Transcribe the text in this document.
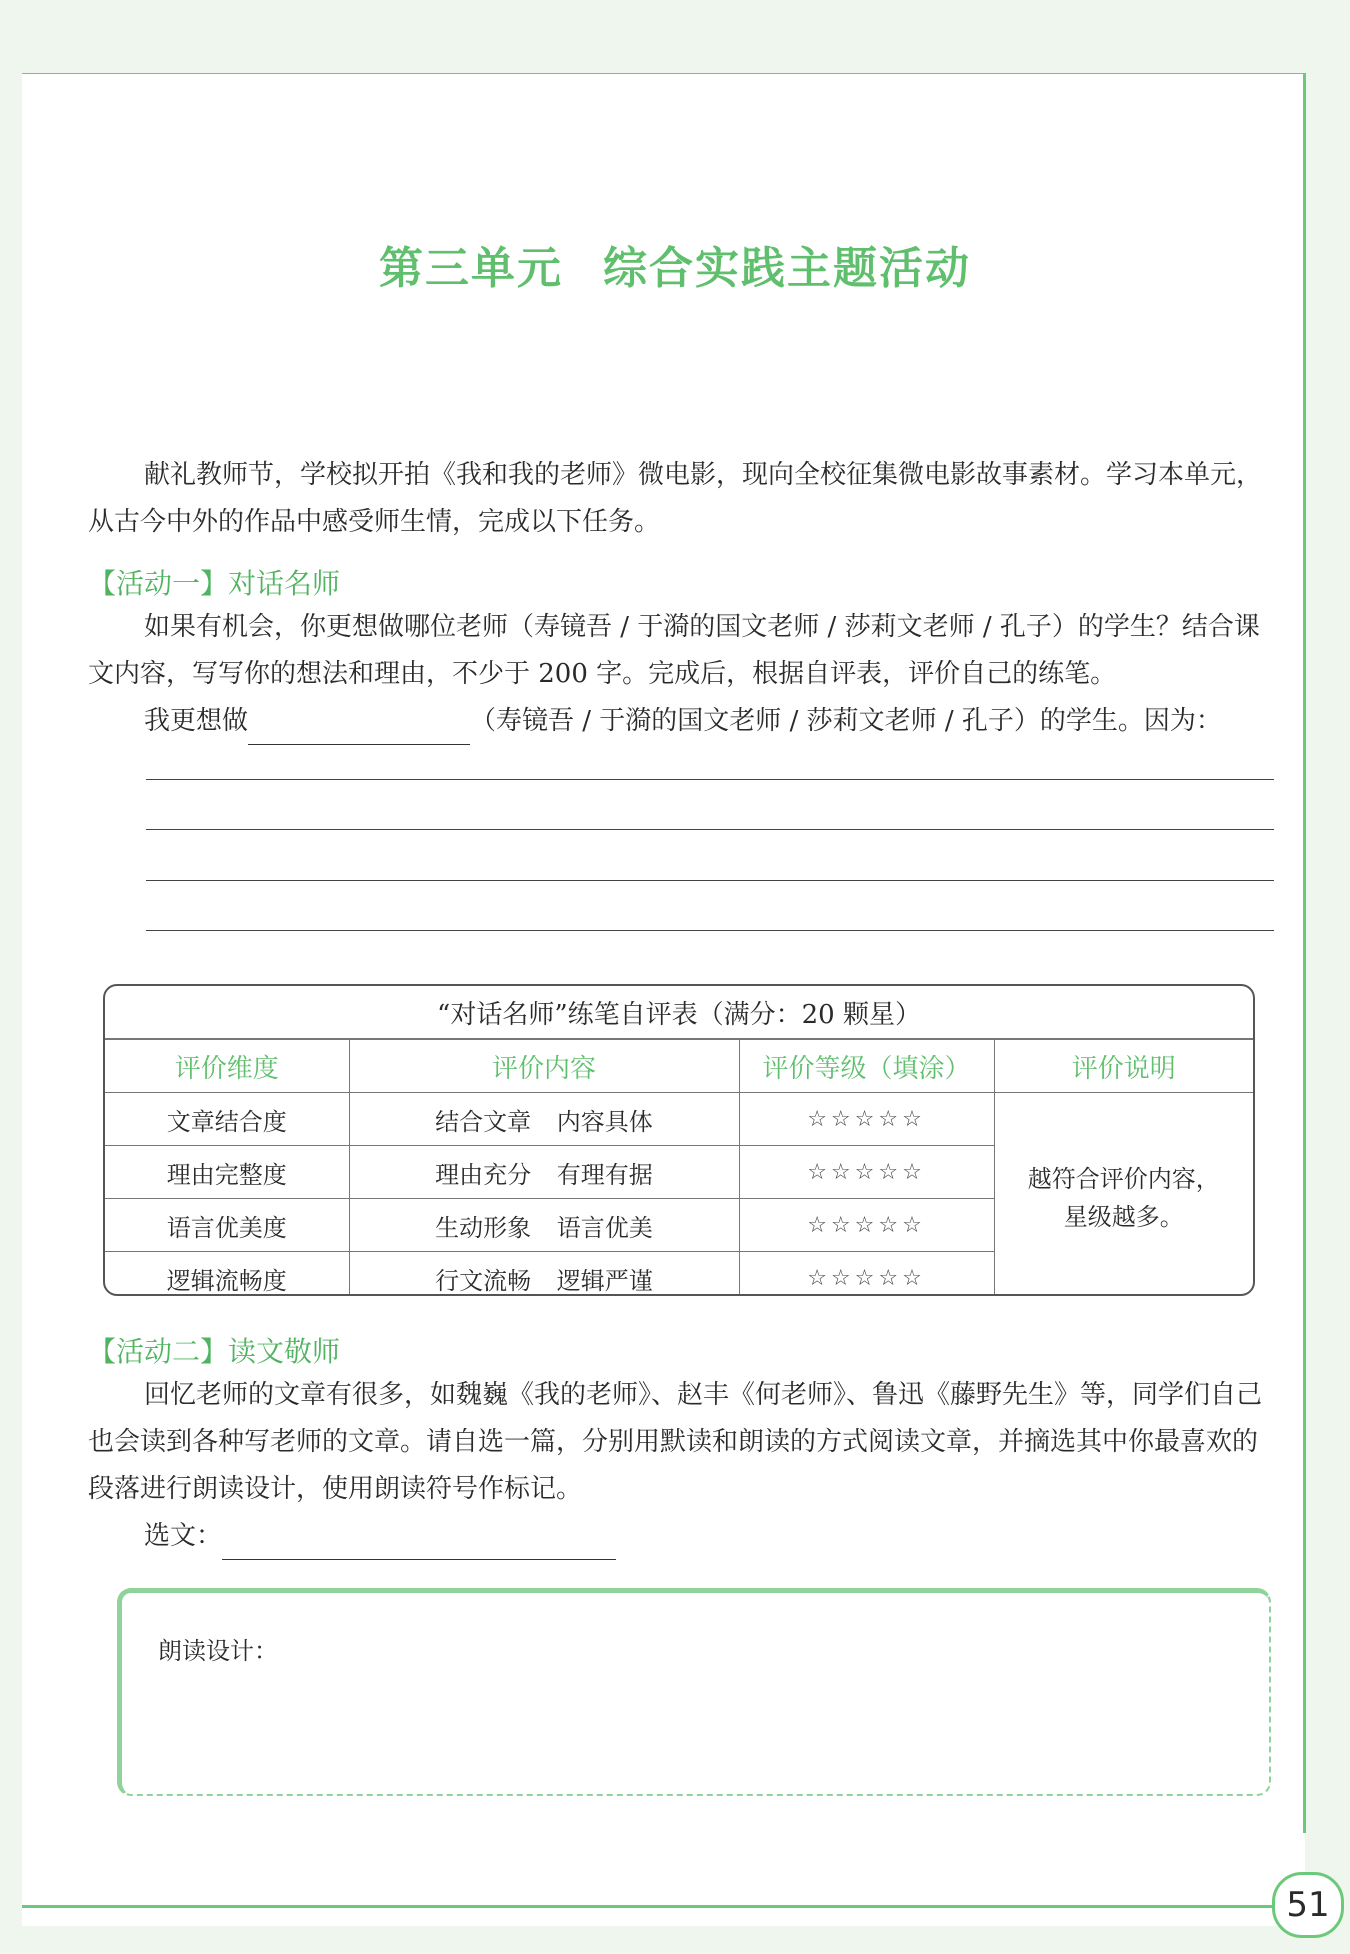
第三单元 综合实践主题活动
献礼教师节，学校拟开拍《我和我的老师》微电影，现向全校征集微电影故事素材。学习本单元，从古今中外的作品中感受师生情，完成以下任务。
【活动一】对话名师
如果有机会，你更想做哪位老师（寿镜吾 / 于漪的国文老师 / 莎莉文老师 / 孔子）的学生？结合课文内容，写写你的想法和理由，不少于 200 字。完成后，根据自评表，评价自己的练笔。
我更想做	（寿镜吾 / 于漪的国文老师 / 莎莉文老师 / 孔子）的学生。因为：
“对话名师”练笔自评表（满分：20 颗星）
评价维度	评价内容	评价等级（填涂）	评价说明
文章结合度	结合文章 内容具体	☆☆☆☆☆	越符合评价内容，
星级越多。

理由完整度	理由充分 有理有据	☆☆☆☆☆	
语言优美度	生动形象 语言优美	☆☆☆☆☆	
逻辑流畅度	行文流畅 逻辑严谨	☆☆☆☆☆	
【活动二】读文敬师
回忆老师的文章有很多，如魏巍《我的老师》、赵丰《何老师》、鲁迅《藤野先生》等，同学们自己也会读到各种写老师的文章。请自选一篇，分别用默读和朗读的方式阅读文章，并摘选其中你最喜欢的段落进行朗读设计，使用朗读符号作标记。
选文：
朗读设计：
51
